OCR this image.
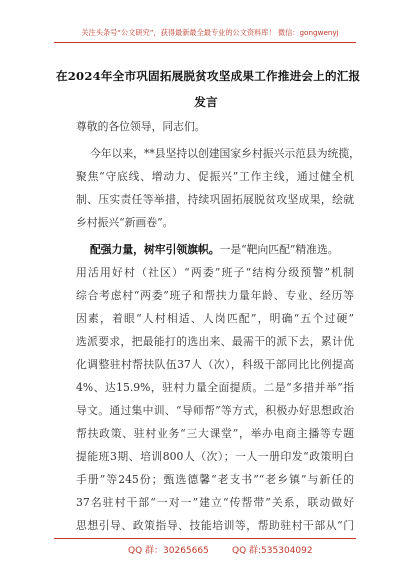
关注头条号“公文研究”，获得最新最全最专业的公文资料库！ 微信：gongwenyj
在2024年全市巩固拓展脱贫攻坚成果工作推进会上的汇报
发言
尊敬的各位领导，同志们。
今年以来，**县坚持以创建国家乡村振兴示范县为统揽，
聚焦“守底线、增动力、促振兴”工作主线，通过健全机
制、压实责任等举措，持续巩固拓展脱贫攻坚成果，绘就
乡村振兴“新画卷”。
配强力量，树牢引领旗帜。一是“靶向匹配”精准选。
用活用好村（社区）“两委”班子“结构分级预警”机制
综合考虑村“两委”班子和帮扶力量年龄、专业、经历等
因素，着眼“人村相适、人岗匹配”，明确“五个过硬”
选派要求，把最能打的选出来、最需干的派下去，累计优
化调整驻村帮扶队伍37人（次），科级干部同比比例提高
4%、达15.9%，驻村力量全面提质。二是“多措并举”指
导文。通过集中训、“导师帮”等方式，积极办好思想政治
帮扶政策、驻村业务“三大课堂”，举办电商主播等专题
提能班3期、培训800人（次）；一人一册印发“政策明白
手册”等245份；甄选德馨“老支书”“老乡镇”与新任的
37名驻村干部“一对一”建立“传帮带”关系，联动做好
思想引导、政策指导、技能培训等，帮助驻村干部从“门
QQ 群：30265665	QQ 群:535304092
